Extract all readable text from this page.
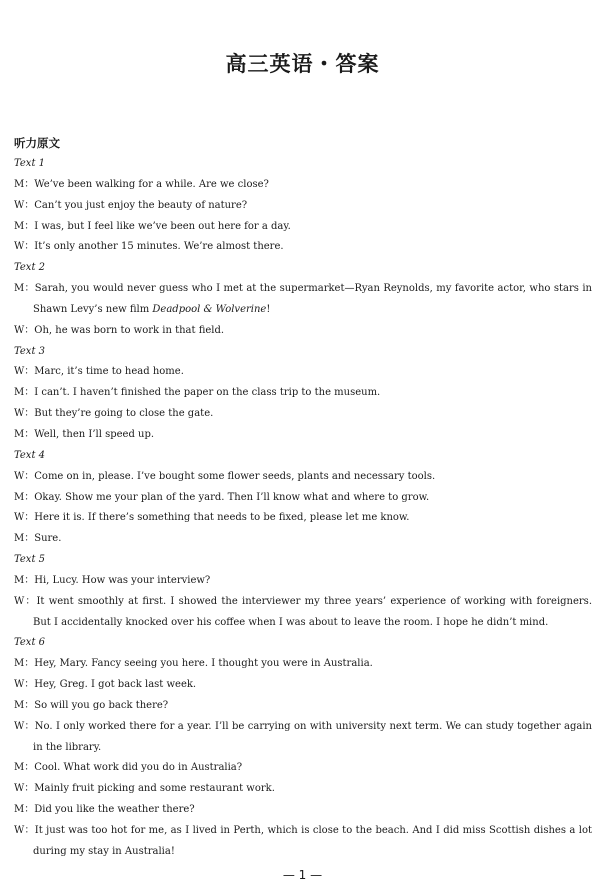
高三英语・答案
听力原文
Text 1
M：We’ve been walking for a while. Are we close?
W：Can’t you just enjoy the beauty of nature?
M：I was, but I feel like we’ve been out here for a day.
W：It’s only another 15 minutes. We’re almost there.
Text 2
M：Sarah, you would never guess who I met at the supermarket—Ryan Reynolds, my favorite actor, who stars in Shawn Levy’s new film Deadpool & Wolverine!
W：Oh, he was born to work in that field.
Text 3
W：Marc, it’s time to head home.
M：I can’t. I haven’t finished the paper on the class trip to the museum.
W：But they’re going to close the gate.
M：Well, then I’ll speed up.
Text 4
W：Come on in, please. I’ve bought some flower seeds, plants and necessary tools.
M：Okay. Show me your plan of the yard. Then I’ll know what and where to grow.
W：Here it is. If there’s something that needs to be fixed, please let me know.
M：Sure.
Text 5
M：Hi, Lucy. How was your interview?
W：It went smoothly at first. I showed the interviewer my three years’ experience of working with foreigners. But I accidentally knocked over his coffee when I was about to leave the room. I hope he didn’t mind.
Text 6
M：Hey, Mary. Fancy seeing you here. I thought you were in Australia.
W：Hey, Greg. I got back last week.
M：So will you go back there?
W：No. I only worked there for a year. I’ll be carrying on with university next term. We can study together again in the library.
M：Cool. What work did you do in Australia?
W：Mainly fruit picking and some restaurant work.
M：Did you like the weather there?
W：It just was too hot for me, as I lived in Perth, which is close to the beach. And I did miss Scottish dishes a lot during my stay in Australia!
— 1 —
